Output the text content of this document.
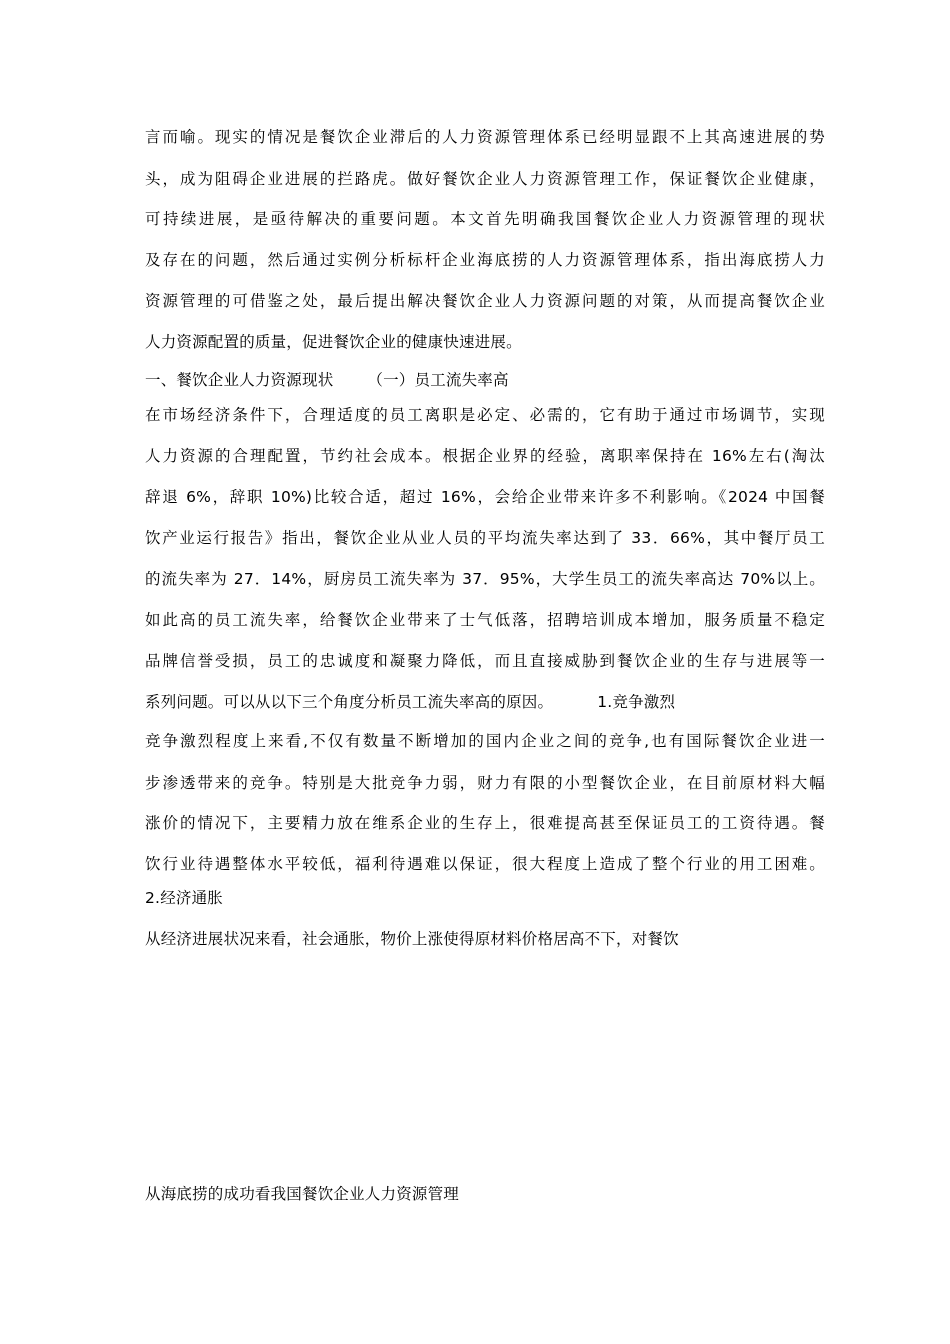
言而喻。现实的情况是餐饮企业滞后的人力资源管理体系已经明显跟不上其高速进展的势
头，成为阻碍企业进展的拦路虎。做好餐饮企业人力资源管理工作，保证餐饮企业健康，
可持续进展，是亟待解决的重要问题。本文首先明确我国餐饮企业人力资源管理的现状
及存在的问题，然后通过实例分析标杆企业海底捞的人力资源管理体系，指出海底捞人力
资源管理的可借鉴之处，最后提出解决餐饮企业人力资源问题的对策，从而提高餐饮企业
人力资源配置的质量，促进餐饮企业的健康快速进展。
一、餐饮企业人力资源现状 （一）员工流失率高
在市场经济条件下，合理适度的员工离职是必定、必需的，它有助于通过市场调节，实现
人力资源的合理配置，节约社会成本。根据企业界的经验，离职率保持在 16%左右(淘汰
辞退 6%，辞职 10%)比较合适，超过 16%，会给企业带来许多不利影响。《2024 中国餐
饮产业运行报告》指出，餐饮企业从业人员的平均流失率达到了 33．66%，其中餐厅员工
的流失率为 27．14%，厨房员工流失率为 37．95%，大学生员工的流失率高达 70%以上。
如此高的员工流失率，给餐饮企业带来了士气低落，招聘培训成本增加，服务质量不稳定
品牌信誉受损，员工的忠诚度和凝聚力降低，而且直接威胁到餐饮企业的生存与进展等一
系列问题。可以从以下三个角度分析员工流失率高的原因。	1.竞争激烈
竞争激烈程度上来看,不仅有数量不断增加的国内企业之间的竞争,也有国际餐饮企业进一
步渗透带来的竞争。特别是大批竞争力弱，财力有限的小型餐饮企业，在目前原材料大幅
涨价的情况下，主要精力放在维系企业的生存上，很难提高甚至保证员工的工资待遇。餐
饮行业待遇整体水平较低，福利待遇难以保证，很大程度上造成了整个行业的用工困难。
2.经济通胀
从经济进展状况来看，社会通胀，物价上涨使得原材料价格居高不下，对餐饮
从海底捞的成功看我国餐饮企业人力资源管理
